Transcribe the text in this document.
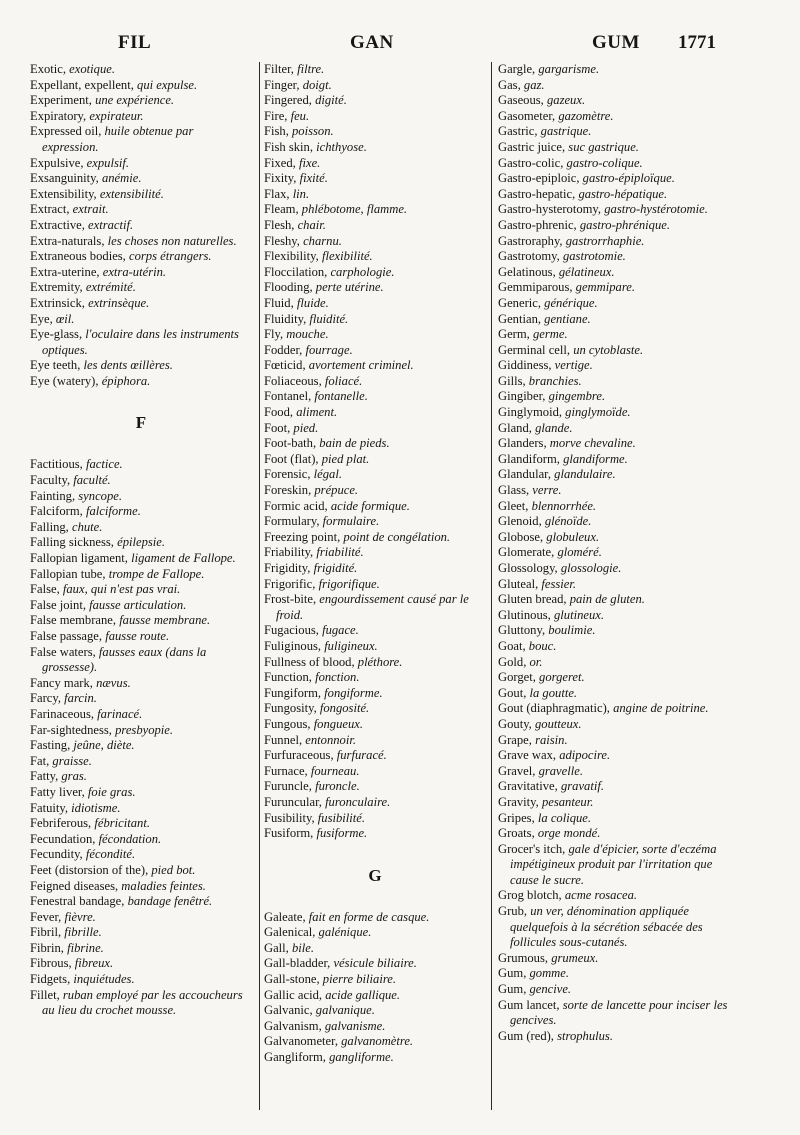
FIL	GAN	GUM 1771

Exotic, exotique.

Expellant, expellent, qui expulse.

Experiment, une expérience.

Expiratory, expirateur.

Expressed oil, huile obtenue par expression.

Expulsive, expulsif.

Exsanguinity, anémie.

Extensibility, extensibilité.

Extract, extrait.

Extractive, extractif.

Extra-naturals, les choses non naturelles.

Extraneous bodies, corps étrangers.

Extra-uterine, extra-utérin.

Extremity, extrémité.

Extrinsick, extrinsèque.

Eye, œil.

Eye-glass, l'oculaire dans les instruments optiques.

Eye teeth, les dents œillères.

Eye (watery), épiphora.

F

Factitious, factice.

Faculty, faculté.

Fainting, syncope.

Falciform, falciforme.

Falling, chute.

Falling sickness, épilepsie.

Fallopian ligament, ligament de Fallope.

Fallopian tube, trompe de Fallope.

False, faux, qui n'est pas vrai.

False joint, fausse articulation.

False membrane, fausse membrane.

False passage, fausse route.

False waters, fausses eaux (dans la grossesse).

Fancy mark, nævus.

Farcy, farcin.

Farinaceous, farinacé.

Far-sightedness, presbyopie.

Fasting, jeûne, diète.

Fat, graisse.

Fatty, gras.

Fatty liver, foie gras.

Fatuity, idiotisme.

Febriferous, fébricitant.

Fecundation, fécondation.

Fecundity, fécondité.

Feet (distorsion of the), pied bot.

Feigned diseases, maladies feintes.

Fenestral bandage, bandage fenêtré.

Fever, fièvre.

Fibril, fibrille.

Fibrin, fibrine.

Fibrous, fibreux.

Fidgets, inquiétudes.

Fillet, ruban employé par les accoucheurs au lieu du crochet mousse.

Filter, filtre.

Finger, doigt.

Fingered, digité.

Fire, feu.

Fish, poisson.

Fish skin, ichthyose.

Fixed, fixe.

Fixity, fixité.

Flax, lin.

Fleam, phlébotome, flamme.

Flesh, chair.

Fleshy, charnu.

Flexibility, flexibilité.

Floccilation, carphologie.

Flooding, perte utérine.

Fluid, fluide.

Fluidity, fluidité.

Fly, mouche.

Fodder, fourrage.

Fœticid, avortement criminel.

Foliaceous, foliacé.

Fontanel, fontanelle.

Food, aliment.

Foot, pied.

Foot-bath, bain de pieds.

Foot (flat), pied plat.

Forensic, légal.

Foreskin, prépuce.

Formic acid, acide formique.

Formulary, formulaire.

Freezing point, point de congélation.

Friability, friabilité.

Frigidity, frigidité.

Frigorific, frigorifique.

Frost-bite, engourdissement causé par le froid.

Fugacious, fugace.

Fuliginous, fuligineux.

Fullness of blood, pléthore.

Function, fonction.

Fungiform, fongiforme.

Fungosity, fongosité.

Fungous, fongueux.

Funnel, entonnoir.

Furfuraceous, furfuracé.

Furnace, fourneau.

Furuncle, furoncle.

Furuncular, furonculaire.

Fusibility, fusibilité.

Fusiform, fusiforme.

G

Galeate, fait en forme de casque.

Galenical, galénique.

Gall, bile.

Gall-bladder, vésicule biliaire.

Gall-stone, pierre biliaire.

Gallic acid, acide gallique.

Galvanic, galvanique.

Galvanism, galvanisme.

Galvanometer, galvanomètre.

Gangliform, gangliforme.

Gargle, gargarisme.

Gas, gaz.

Gaseous, gazeux.

Gasometer, gazomètre.

Gastric, gastrique.

Gastric juice, suc gastrique.

Gastro-colic, gastro-colique.

Gastro-epiploic, gastro-épiploïque.

Gastro-hepatic, gastro-hépatique.

Gastro-hysterotomy, gastro-hystérotomie.

Gastro-phrenic, gastro-phrénique.

Gastroraphy, gastrorrhaphie.

Gastrotomy, gastrotomie.

Gelatinous, gélatineux.

Gemmiparous, gemmipare.

Generic, générique.

Gentian, gentiane.

Germ, germe.

Germinal cell, un cytoblaste.

Giddiness, vertige.

Gills, branchies.

Gingiber, gingembre.

Ginglymoid, ginglymoïde.

Gland, glande.

Glanders, morve chevaline.

Glandiform, glandiforme.

Glandular, glandulaire.

Glass, verre.

Gleet, blennorrhée.

Glenoid, glénoïde.

Globose, globuleux.

Glomerate, gloméré.

Glossology, glossologie.

Gluteal, fessier.

Gluten bread, pain de gluten.

Glutinous, glutineux.

Gluttony, boulimie.

Goat, bouc.

Gold, or.

Gorget, gorgeret.

Gout, la goutte.

Gout (diaphragmatic), angine de poitrine.

Gouty, goutteux.

Grape, raisin.

Grave wax, adipocire.

Gravel, gravelle.

Gravitative, gravatif.

Gravity, pesanteur.

Gripes, la colique.

Groats, orge mondé.

Grocer's itch, gale d'épicier, sorte d'eczéma impétigineux produit par l'irritation que cause le sucre.

Grog blotch, acme rosacea.

Grub, un ver, dénomination appliquée quelquefois à la sécrétion sébacée des follicules sous-cutanés.

Grumous, grumeux.

Gum, gomme.

Gum, gencive.

Gum lancet, sorte de lancette pour inciser les gencives.

Gum (red), strophulus.
